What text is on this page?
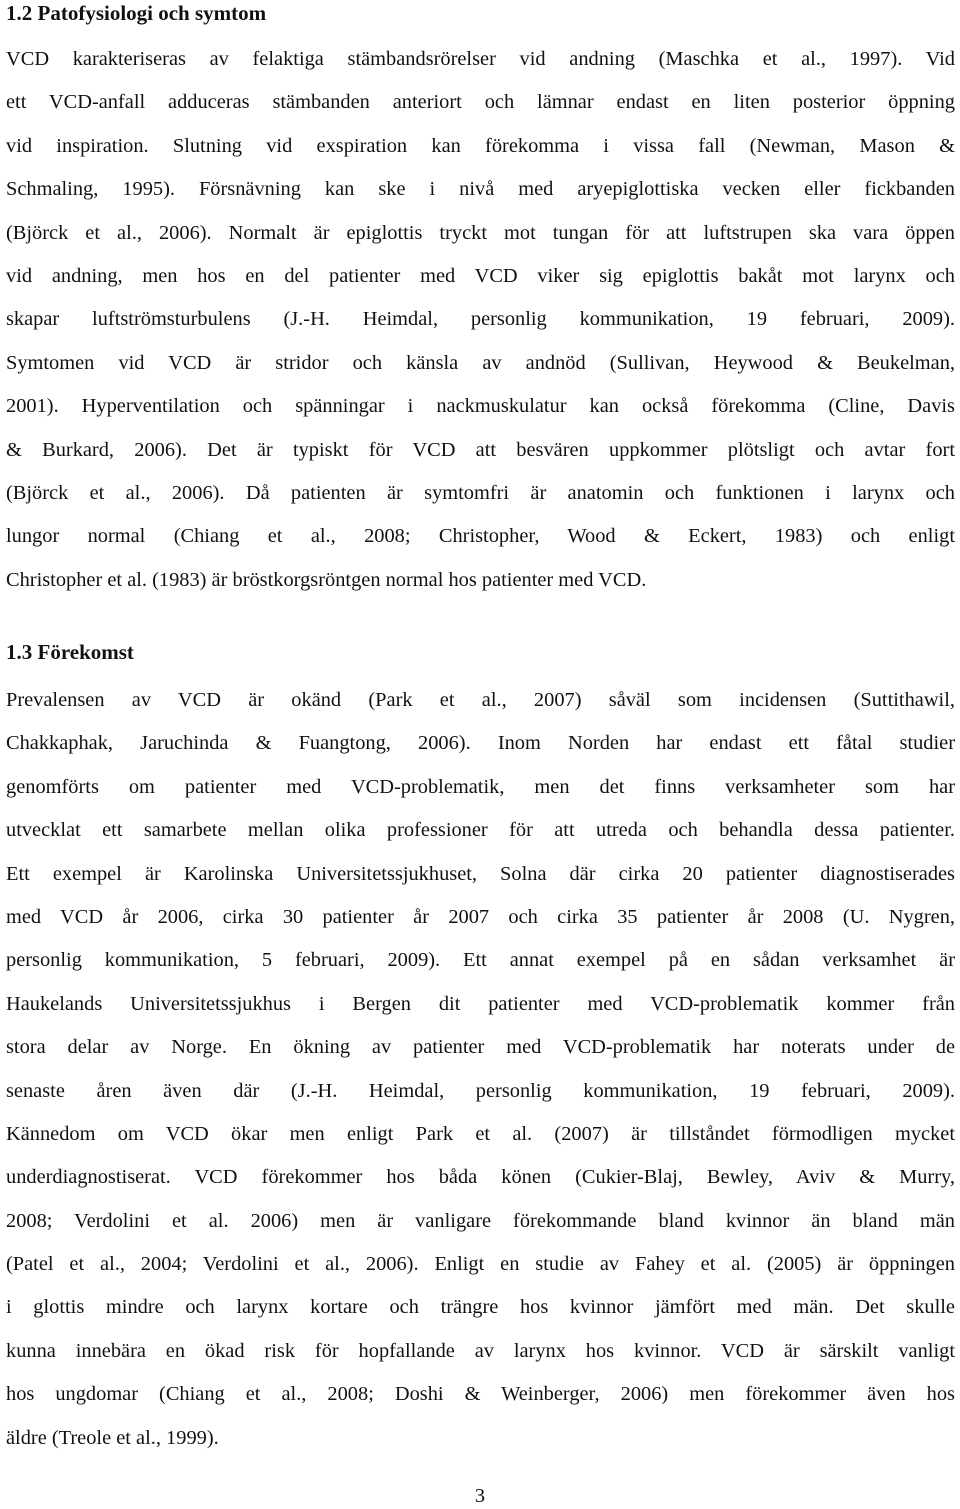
1.2 Patofysiologi och symtom
VCD karakteriseras av felaktiga stämbandsrörelser vid andning (Maschka et al., 1997). Vid
ett VCD-anfall adduceras stämbanden anteriort och lämnar endast en liten posterior öppning
vid inspiration. Slutning vid exspiration kan förekomma i vissa fall (Newman, Mason &
Schmaling, 1995). Försnävning kan ske i nivå med aryepiglottiska vecken eller fickbanden
(Björck et al., 2006). Normalt är epiglottis tryckt mot tungan för att luftstrupen ska vara öppen
vid andning, men hos en del patienter med VCD viker sig epiglottis bakåt mot larynx och
skapar luftströmsturbulens (J.-H. Heimdal, personlig kommunikation, 19 februari, 2009).
Symtomen vid VCD är stridor och känsla av andnöd (Sullivan, Heywood & Beukelman,
2001). Hyperventilation och spänningar i nackmuskulatur kan också förekomma (Cline, Davis
& Burkard, 2006). Det är typiskt för VCD att besvären uppkommer plötsligt och avtar fort
(Björck et al., 2006). Då patienten är symtomfri är anatomin och funktionen i larynx och
lungor normal (Chiang et al., 2008; Christopher, Wood & Eckert, 1983) och enligt
Christopher et al. (1983) är bröstkorgsröntgen normal hos patienter med VCD.
1.3 Förekomst
Prevalensen av VCD är okänd (Park et al., 2007) såväl som incidensen (Suttithawil,
Chakkaphak, Jaruchinda & Fuangtong, 2006). Inom Norden har endast ett fåtal studier
genomförts om patienter med VCD-problematik, men det finns verksamheter som har
utvecklat ett samarbete mellan olika professioner för att utreda och behandla dessa patienter.
Ett exempel är Karolinska Universitetssjukhuset, Solna där cirka 20 patienter diagnostiserades
med VCD år 2006, cirka 30 patienter år 2007 och cirka 35 patienter år 2008 (U. Nygren,
personlig kommunikation, 5 februari, 2009). Ett annat exempel på en sådan verksamhet är
Haukelands Universitetssjukhus i Bergen dit patienter med VCD-problematik kommer från
stora delar av Norge. En ökning av patienter med VCD-problematik har noterats under de
senaste åren även där (J.-H. Heimdal, personlig kommunikation, 19 februari, 2009).
Kännedom om VCD ökar men enligt Park et al. (2007) är tillståndet förmodligen mycket
underdiagnostiserat. VCD förekommer hos båda könen (Cukier-Blaj, Bewley, Aviv & Murry,
2008; Verdolini et al. 2006) men är vanligare förekommande bland kvinnor än bland män
(Patel et al., 2004; Verdolini et al., 2006). Enligt en studie av Fahey et al. (2005) är öppningen
i glottis mindre och larynx kortare och trängre hos kvinnor jämfört med män. Det skulle
kunna innebära en ökad risk för hopfallande av larynx hos kvinnor. VCD är särskilt vanligt
hos ungdomar (Chiang et al., 2008; Doshi & Weinberger, 2006) men förekommer även hos
äldre (Treole et al., 1999).
3
